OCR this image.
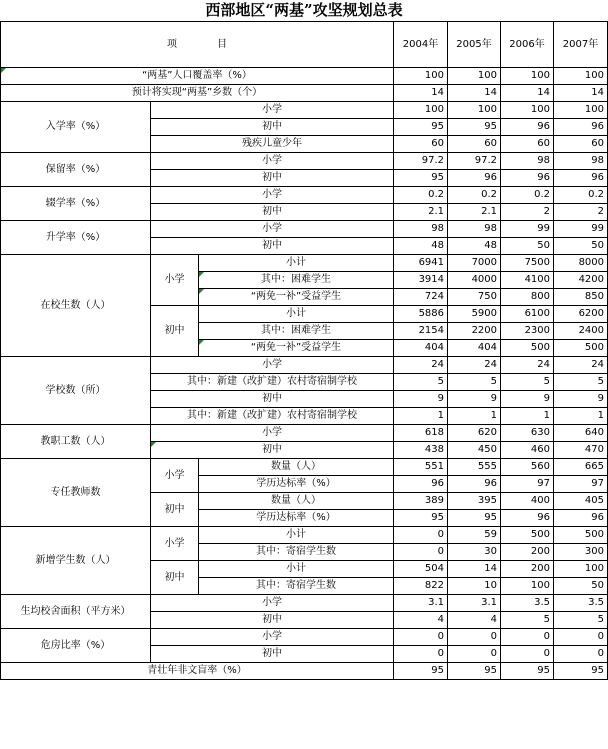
西部地区“两基”攻坚规划总表
项　　　　目			2004年	2005年	2006年	2007年
“两基”人口覆盖率（%）			100	100	100	100
预计将实现“两基”乡数（个）			14	14	14	14
入学率（%）	小学		100	100	100	100
	初中		95	95	96	96
	残疾儿童少年		60	60	60	60
保留率（%）	小学		97.2	97.2	98	98
	初中		95	96	96	96
辍学率（%）	小学		0.2	0.2	0.2	0.2
	初中		2.1	2.1	2	2
升学率（%）	小学		98	98	99	99
	初中		48	48	50	50
在校生数（人）	小学	小计	6941	7000	7500	8000
		其中：困难学生	3914	4000	4100	4200
		“两免一补”受益学生	724	750	800	850
	初中	小计	5886	5900	6100	6200
		其中：困难学生	2154	2200	2300	2400
		“两免一补”受益学生	404	404	500	500
学校数（所）	小学		24	24	24	24
	其中：新建（改扩建）农村寄宿制学校		5	5	5	5
	初中		9	9	9	9
	其中：新建（改扩建）农村寄宿制学校		1	1	1	1
教职工数（人）	小学		618	620	630	640
	初中		438	450	460	470
专任教师数	小学	数量（人）	551	555	560	665
		学历达标率（%）	96	96	97	97
	初中	数量（人）	389	395	400	405
		学历达标率（%）	95	95	96	96
新增学生数（人）	小学	小计	0	59	500	500
		其中：寄宿学生数	0	30	200	300
	初中	小计	504	14	200	100
		其中：寄宿学生数	822	10	100	50
生均校舍面积（平方米）	小学		3.1	3.1	3.5	3.5
	初中		4	4	5	5
危房比率（%）	小学		0	0	0	0
	初中		0	0	0	0
青壮年非文盲率（%）			95	95	95	95
